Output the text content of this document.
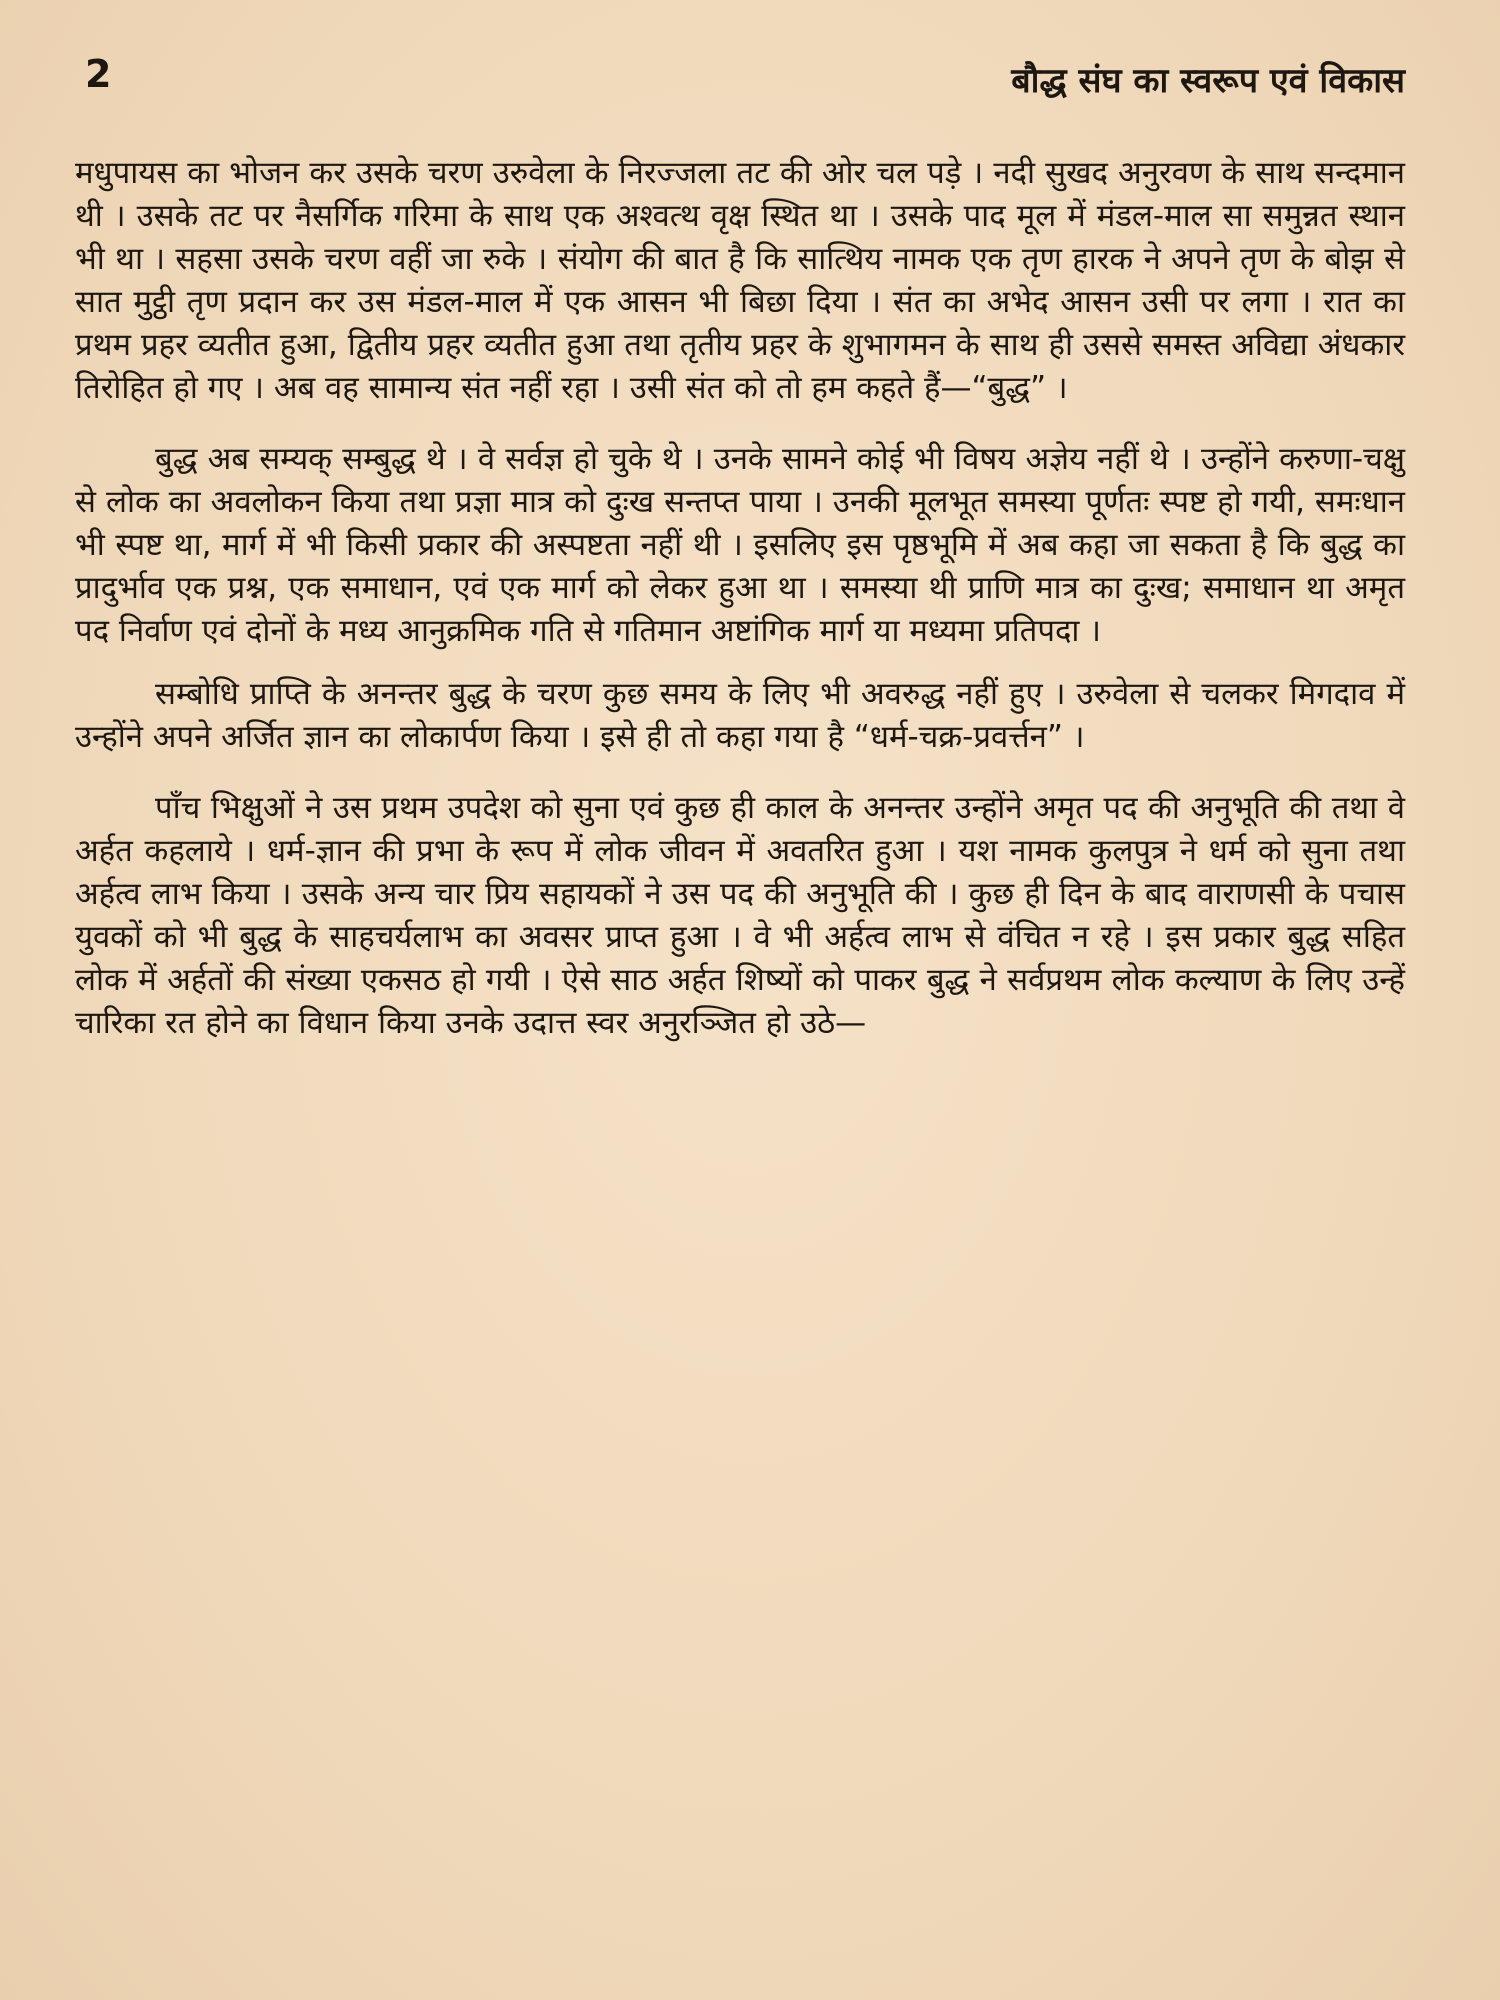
2	बौद्ध संघ का स्वरूप एवं विकास

मधुपायस का भोजन कर उसके चरण उरुवेला के निरज्जला तट की ओर चल पड़े । नदी सुखद अनुरवण के साथ सन्दमान थी । उसके तट पर नैसर्गिक गरिमा के साथ एक अश्वत्थ वृक्ष स्थित था । उसके पाद मूल में मंडल-माल सा समुन्नत स्थान भी था । सहसा उसके चरण वहीं जा रुके । संयोग की बात है कि सात्थिय नामक एक तृण हारक ने अपने तृण के बोझ से सात मुट्ठी तृण प्रदान कर उस मंडल-माल में एक आसन भी बिछा दिया । संत का अभेद आसन उसी पर लगा । रात का प्रथम प्रहर व्यतीत हुआ, द्वितीय प्रहर व्यतीत हुआ तथा तृतीय प्रहर के शुभागमन के साथ ही उससे समस्त अविद्या अंधकार तिरोहित हो गए । अब वह सामान्य संत नहीं रहा । उसी संत को तो हम कहते हैं—“बुद्ध” ।

बुद्ध अब सम्यक् सम्बुद्ध थे । वे सर्वज्ञ हो चुके थे । उनके सामने कोई भी विषय अज्ञेय नहीं थे । उन्होंने करुणा-चक्षु से लोक का अवलोकन किया तथा प्रज्ञा मात्र को दुःख सन्तप्त पाया । उनकी मूलभूत समस्या पूर्णतः स्पष्ट हो गयी, समःधान भी स्पष्ट था, मार्ग में भी किसी प्रकार की अस्पष्टता नहीं थी । इसलिए इस पृष्ठभूमि में अब कहा जा सकता है कि बुद्ध का प्रादुर्भाव एक प्रश्न, एक समाधान, एवं एक मार्ग को लेकर हुआ था । समस्या थी प्राणि मात्र का दुःख; समाधान था अमृत पद निर्वाण एवं दोनों के मध्य आनुक्रमिक गति से गतिमान अष्टांगिक मार्ग या मध्यमा प्रतिपदा ।

सम्बोधि प्राप्ति के अनन्तर बुद्ध के चरण कुछ समय के लिए भी अवरुद्ध नहीं हुए । उरुवेला से चलकर मिगदाव में उन्होंने अपने अर्जित ज्ञान का लोकार्पण किया । इसे ही तो कहा गया है “धर्म-चक्र-प्रवर्त्तन” ।

पाँच भिक्षुओं ने उस प्रथम उपदेश को सुना एवं कुछ ही काल के अनन्तर उन्होंने अमृत पद की अनुभूति की तथा वे अर्हत कहलाये । धर्म-ज्ञान की प्रभा के रूप में लोक जीवन में अवतरित हुआ । यश नामक कुलपुत्र ने धर्म को सुना तथा अर्हत्व लाभ किया । उसके अन्य चार प्रिय सहायकों ने उस पद की अनुभूति की । कुछ ही दिन के बाद वाराणसी के पचास युवकों को भी बुद्ध के साहचर्यलाभ का अवसर प्राप्त हुआ । वे भी अर्हत्व लाभ से वंचित न रहे । इस प्रकार बुद्ध सहित लोक में अर्हतों की संख्या एकसठ हो गयी । ऐसे साठ अर्हत शिष्यों को पाकर बुद्ध ने सर्वप्रथम लोक कल्याण के लिए उन्हें चारिका रत होने का विधान किया उनके उदात्त स्वर अनुरञ्जित हो उठे—
